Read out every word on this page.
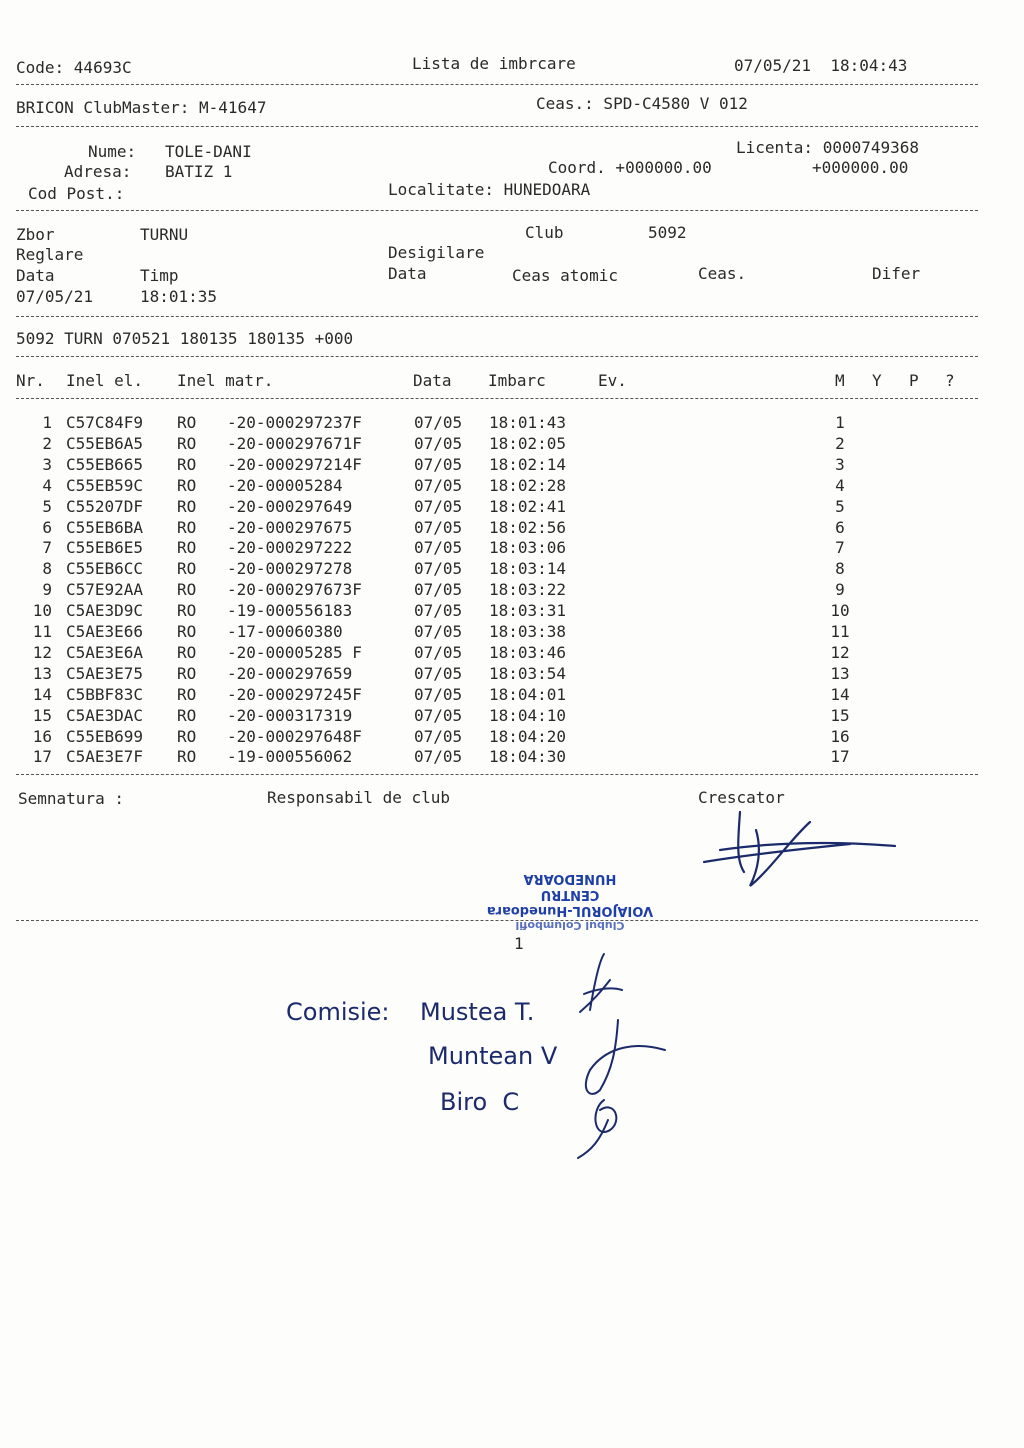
Code: 44693C	Lista de imbrcare	07/05/21  18:04:43
BRICON ClubMaster: M-41647	Ceas.: SPD-C4580 V 012
Nume: TOLE-DANI	Licenta: 0000749368
Adresa: BATIZ 1	Coord. +000000.00	+000000.00
Cod Post.:	Localitate: HUNEDOARA
Zbor	TURNU	Club	5092
Reglare	Desigilare
Data	Timp	Data	Ceas atomic	Ceas.	Difer
07/05/21	18:01:35
5092 TURN 070521 180135 180135 +000
Nr. Inel el. Inel matr.	Data Imbarc	Ev.	M Y P ?
1 C57C84F9 RO -20-000297237F	07/05 18:01:43	1
2 C55EB6A5 RO -20-000297671F	07/05 18:02:05	2
3 C55EB665 RO -20-000297214F	07/05 18:02:14	3
4 C55EB59C RO -20-00005284	07/05 18:02:28	4
5 C55207DF RO -20-000297649	07/05 18:02:41	5
6 C55EB6BA RO -20-000297675	07/05 18:02:56	6
7 C55EB6E5 RO -20-000297222	07/05 18:03:06	7
8 C55EB6CC RO -20-000297278	07/05 18:03:14	8
9 C57E92AA RO -20-000297673F	07/05 18:03:22	9
10 C5AE3D9C RO -19-000556183	07/05 18:03:31	10
11 C5AE3E66 RO -17-00060380	07/05 18:03:38	11
12 C5AE3E6A RO -20-00005285 F	07/05 18:03:46	12
13 C5AE3E75 RO -20-000297659	07/05 18:03:54	13
14 C5BBF83C RO -20-000297245F	07/05 18:04:01	14
15 C5AE3DAC RO -20-000317319	07/05 18:04:10	15
16 C55EB699 RO -20-000297648F	07/05 18:04:20	16
17 C5AE3E7F RO -19-000556062	07/05 18:04:30	17
Semnatura :	Responsabil de club	Crescator
Clubul Columbofil
VOIAJORUL-Hunedoara
CENTRU
HUNEDOARA
1
Comisie: Mustea T.
Muntean V
Biro  C
